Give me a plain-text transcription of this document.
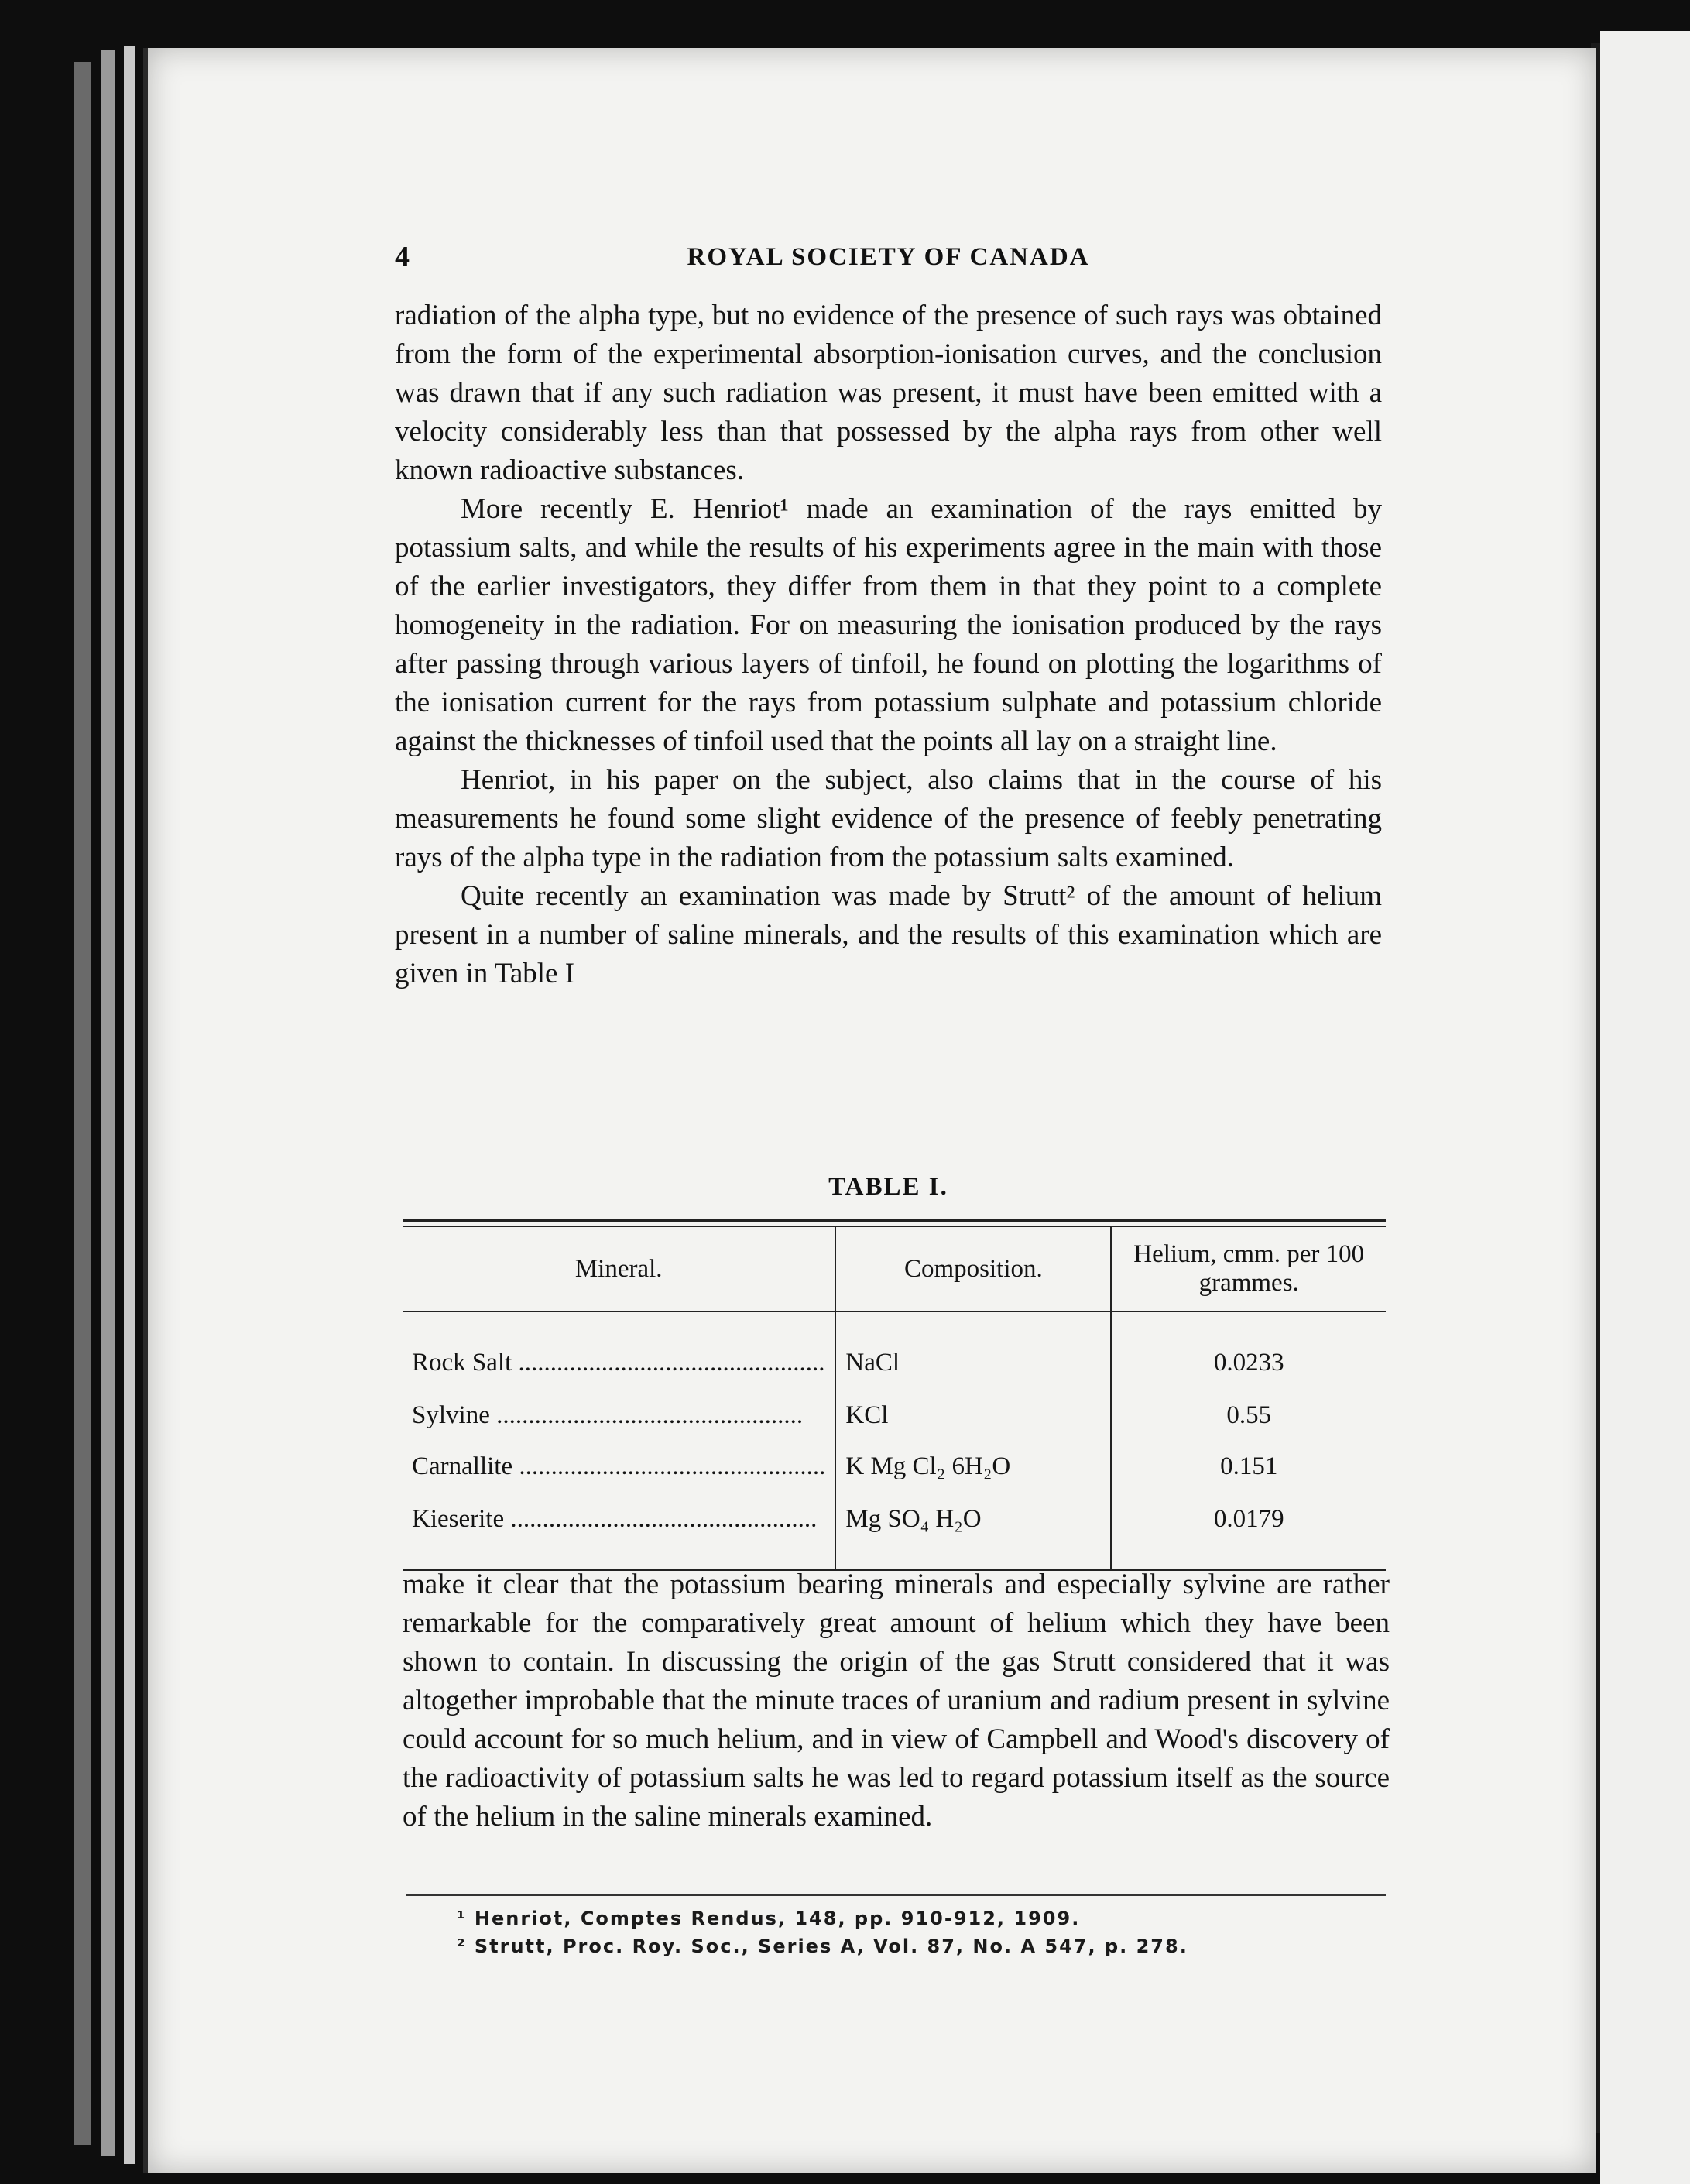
4	ROYAL SOCIETY OF CANADA

radiation of the alpha type, but no evidence of the presence of such rays was obtained from the form of the experimental absorption-ionisation curves, and the conclusion was drawn that if any such radiation was present, it must have been emitted with a velocity considerably less than that possessed by the alpha rays from other well known radioactive substances.

More recently E. Henriot¹ made an examination of the rays emitted by potassium salts, and while the results of his experiments agree in the main with those of the earlier investigators, they differ from them in that they point to a complete homogeneity in the radiation. For on measuring the ionisation produced by the rays after passing through various layers of tinfoil, he found on plotting the logarithms of the ionisation current for the rays from potassium sulphate and potassium chloride against the thicknesses of tinfoil used that the points all lay on a straight line.

Henriot, in his paper on the subject, also claims that in the course of his measurements he found some slight evidence of the presence of feebly penetrating rays of the alpha type in the radiation from the potassium salts examined.

Quite recently an examination was made by Strutt² of the amount of helium present in a number of saline minerals, and the results of this examination which are given in Table I

TABLE I.
Mineral.	Composition.	Helium, cmm. per 100 grammes.

Rock Salt .....	NaCl	0.0233

Sylvine .....	KCl	0.55

Carnallite .....	K Mg Cl₂ 6H₂O	0.151

Kieserite .....	Mg SO₄ H₂O	0.0179

make it clear that the potassium bearing minerals and especially sylvine are rather remarkable for the comparatively great amount of helium which they have been shown to contain. In discussing the origin of the gas Strutt considered that it was altogether improbable that the minute traces of uranium and radium present in sylvine could account for so much helium, and in view of Campbell and Wood's discovery of the radioactivity of potassium salts he was led to regard potassium itself as the source of the helium in the saline minerals examined.

¹ Henriot, Comptes Rendus, 148, pp. 910-912, 1909.

² Strutt, Proc. Roy. Soc., Series A, Vol. 87, No. A 547, p. 278.
